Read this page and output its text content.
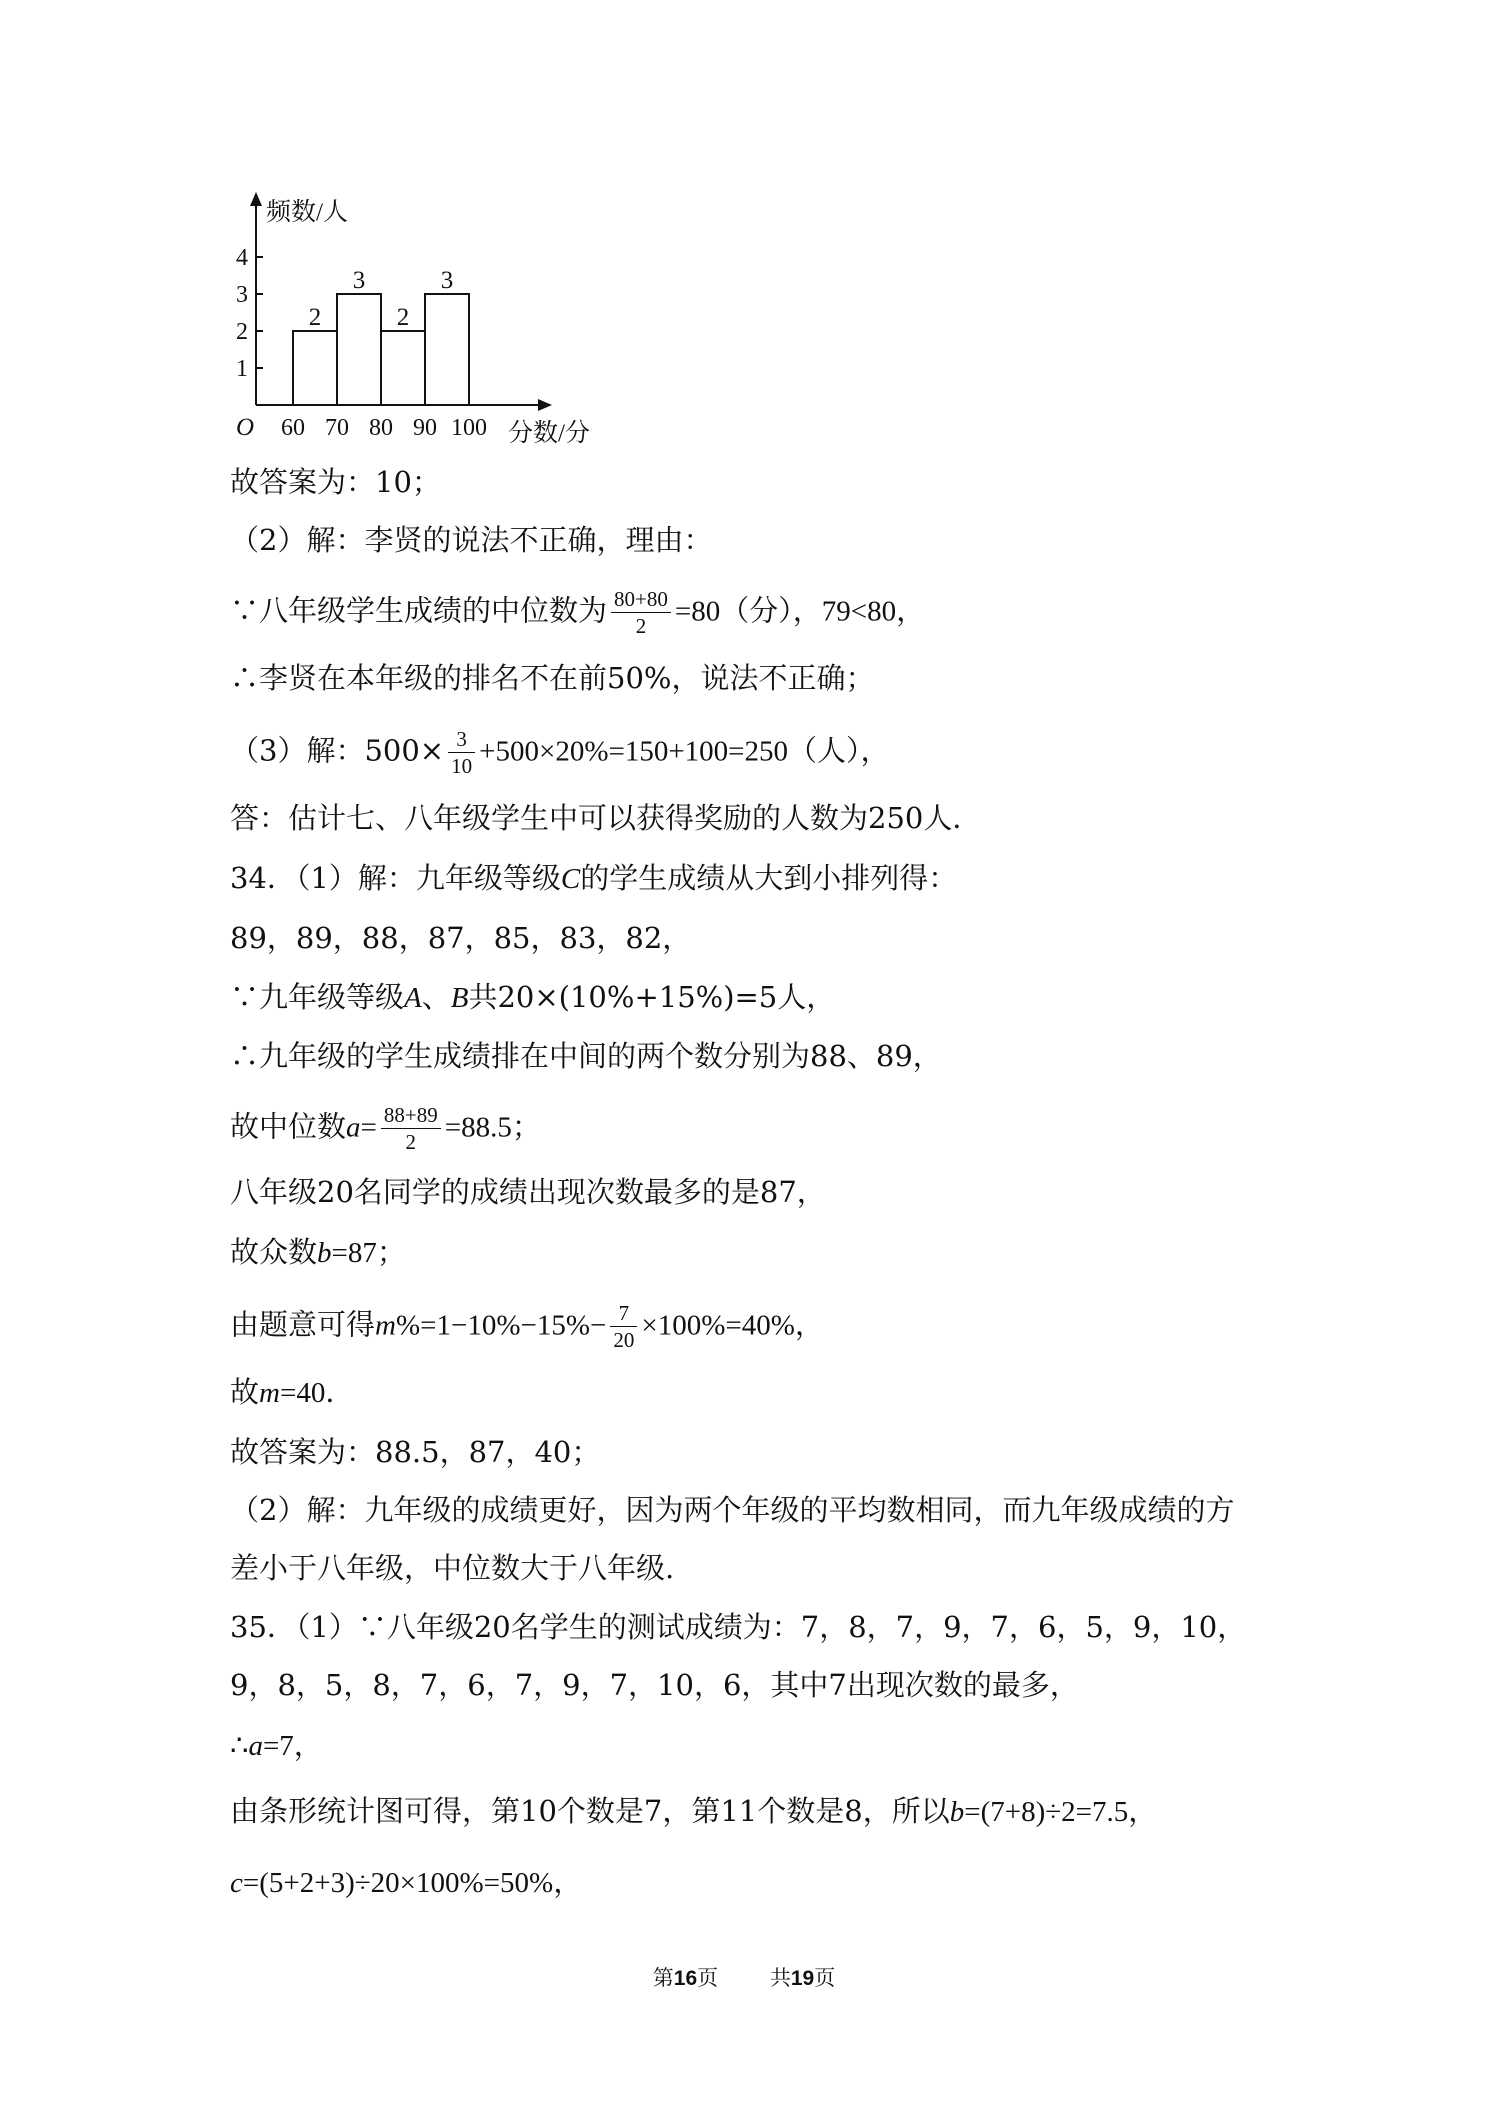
1
2
3
4
O 60 70 80 90 100
2
3
2
3
频数/人
分数/分
故答案为：10；
（2）解：李贤的说法不正确，理由：
∵八年级学生成绩的中位数为 $\frac{80+80}{2} =80$（分），79<80，
∴李贤在本年级的排名不在前50%，说法不正确；
（3）解：$500\times \frac{3}{10} +500\times 20\%=150+100=250$（人），
答：估计七、八年级学生中可以获得奖励的人数为250人．
34．（1）解：九年级等级C的学生成绩从大到小排列得：
89，89，88，87，85，83，82，
∵九年级等级A、B共20×(10%+15%)=5人，
∴九年级的学生成绩排在中间的两个数分别为88、89，
故中位数$a= \frac{88+89}{2} =88.5$；
八年级20名同学的成绩出现次数最多的是87，
故众数b=87；
由题意可得$m\%=1-10\%-15\%- \frac{7}{20} \times 100\%=40\%$，
故m=40．
故答案为：88.5，87，40；
（2）解：九年级的成绩更好，因为两个年级的平均数相同，而九年级成绩的方
差小于八年级，中位数大于八年级.
35．（1）∵八年级20名学生的测试成绩为：7，8，7，9，7，6，5，9，10，
9，8，5，8，7，6，7，9，7，10，6，其中7出现次数的最多，
∴a=7，
由条形统计图可得，第10个数是7，第11个数是8，所以b=(7+8)÷2=7.5，
c=(5+2+3)÷20×100%=50%，
第16页 共19页
